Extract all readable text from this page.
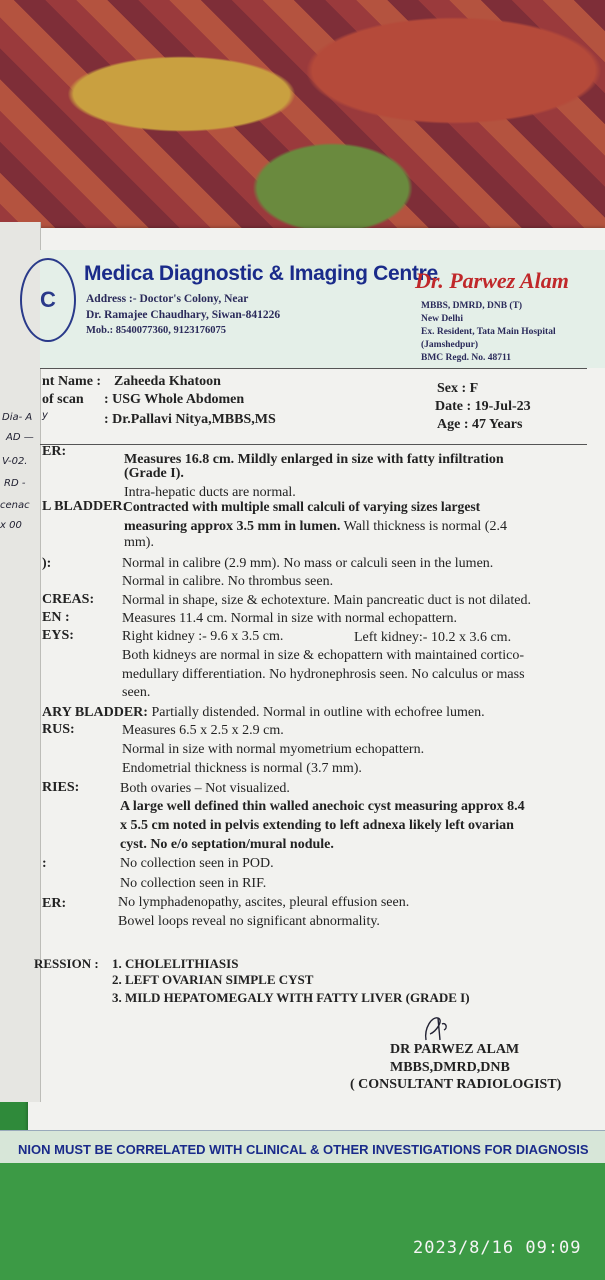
C
Medica Diagnostic & Imaging Centre
Address :- Doctor's Colony, Near
Dr. Ramajee Chaudhary, Siwan-841226
Mob.: 8540077360, 9123176075
Dr. Parwez Alam
MBBS, DMRD, DNB (T)
New Delhi
Ex. Resident, Tata Main Hospital
(Jamshedpur)
BMC Regd. No. 48711
nt Name : Zaheeda Khatoon
of scan : USG Whole Abdomen
: Dr.Pallavi Nitya,MBBS,MS
Sex : F
Date : 19-Jul-23
Age : 47 Years
Dia- A y
AD —
V-02.
RD -
cenac
x 00
ER:
Measures 16.8 cm. Mildly enlarged in size with fatty infiltration
(Grade I).
Intra-hepatic ducts are normal.
L BLADDER:
Contracted with multiple small calculi of varying sizes largest
measuring approx 3.5 mm in lumen. Wall thickness is normal (2.4
mm).
):	Normal in calibre (2.9 mm). No mass or calculi seen in the lumen.
Normal in calibre. No thrombus seen.
CREAS: Normal in shape, size & echotexture. Main pancreatic duct is not dilated.
EN :	Measures 11.4 cm. Normal in size with normal echopattern.
EYS:	Right kidney :- 9.6 x 3.5 cm.	Left kidney:- 10.2 x 3.6 cm.
Both kidneys are normal in size & echopattern with maintained cortico-
medullary differentiation. No hydronephrosis seen. No calculus or mass
seen.
ARY BLADDER: Partially distended. Normal in outline with echofree lumen.
RUS:	Measures 6.5 x 2.5 x 2.9 cm.
Normal in size with normal myometrium echopattern.
Endometrial thickness is normal (3.7 mm).
RIES:	Both ovaries – Not visualized.
A large well defined thin walled anechoic cyst measuring approx 8.4
x 5.5 cm noted in pelvis extending to left adnexa likely left ovarian
cyst. No e/o septation/mural nodule.
:	No collection seen in POD.
No collection seen in RIF.
ER:	No lymphadenopathy, ascites, pleural effusion seen.
Bowel loops reveal no significant abnormality.
RESSION : 1. CHOLELITHIASIS
2. LEFT OVARIAN SIMPLE CYST
3. MILD HEPATOMEGALY WITH FATTY LIVER (GRADE I)
DR PARWEZ ALAM
MBBS,DMRD,DNB
( CONSULTANT RADIOLOGIST)
NION MUST BE CORRELATED WITH CLINICAL & OTHER INVESTIGATIONS FOR DIAGNOSIS
2023/8/16 09:09
